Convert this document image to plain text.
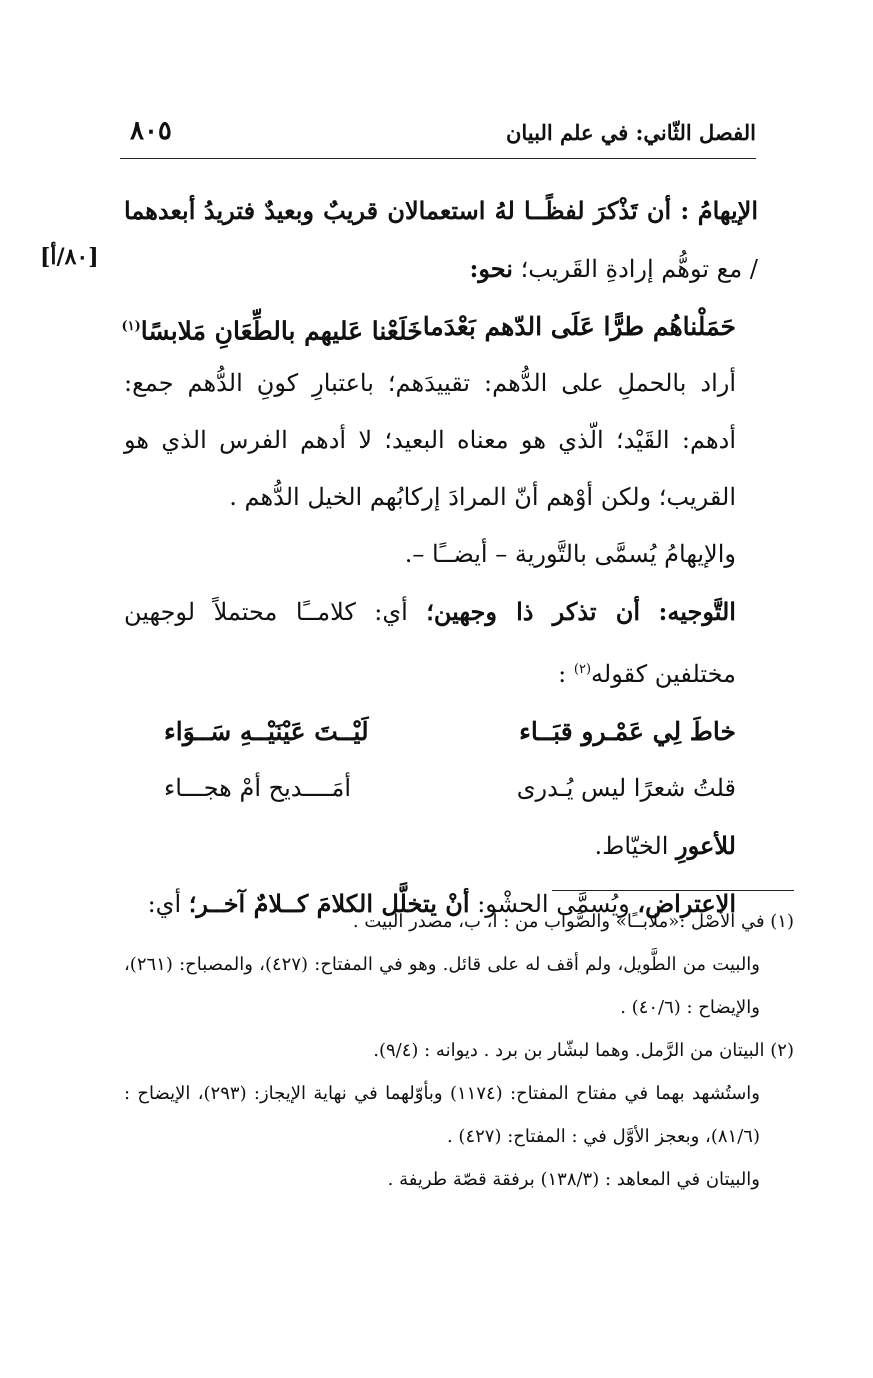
الفصل الثّاني: في علم البيان
٨٠٥
[٨٠/أ]

الإيهامُ : أن تَذْكرَ لفظًــا لهُ استعمالان قريبٌ وبعيدٌ فتريدُ أبعدهما / مع توهُّم إرادةِ القَريب؛ نحو:

حَمَلْناهُم طرًّا عَلَى الدّهم بَعْدَما
خَلَعْنا عَليهم بالطِّعَانِ مَلابسًا$^{(١)}$

أراد بالحملِ على الدُّهم: تقييدَهم؛ باعتبارِ كونِ الدُّهم جمع: أدهم: القَيْد؛ الّذي هو معناه البعيد؛ لا أدهم الفرس الذي هو القريب؛ ولكن أوْهم أنّ المرادَ إركابُهم الخيل الدُّهم .

والإيهامُ يُسمَّى بالتَّورية – أيضــًا –.

التَّوجيه: أن تذكر ذا وجهين؛ أي: كلامــًا محتملاً لوجهين مختلفين كقوله$^{(٢)}$ :

خاطَ لِي عَمْـرو قبَــاء
لَيْــتَ عَيْنَيْــهِ سَــوَاء
قلتُ شعرًا ليس يُـدرى
أمَــــديح أمْ هجـــاء

للأعورِ الخيّاط.

الاعتراض، ويُسمَّى الحشْو: أنْ يتخلَّل الكلامَ كــلامٌ آخــر؛ أي:

(١) في الأصْل :«ملابــًا» والصَّواب من : أ، ب، مصدر البيت .

والبيت من الطَّويل، ولم أقف له على قائل. وهو في المفتاح: (٤٢٧)، والمصباح: (٢٦١)، والإيضاح : (٤٠/٦) .

(٢) البيتان من الرَّمل. وهما لبشّار بن برد . ديوانه : (٩/٤).

واستُشهد بهما في مفتاح المفتاح: (١١٧٤) وبأوّلهما في نهاية الإيجاز: (٢٩٣)، الإيضاح : (٨١/٦)، وبعجز الأوَّل في : المفتاح: (٤٢٧) .

والبيتان في المعاهد : (١٣٨/٣) برفقة قصّة طريفة .
